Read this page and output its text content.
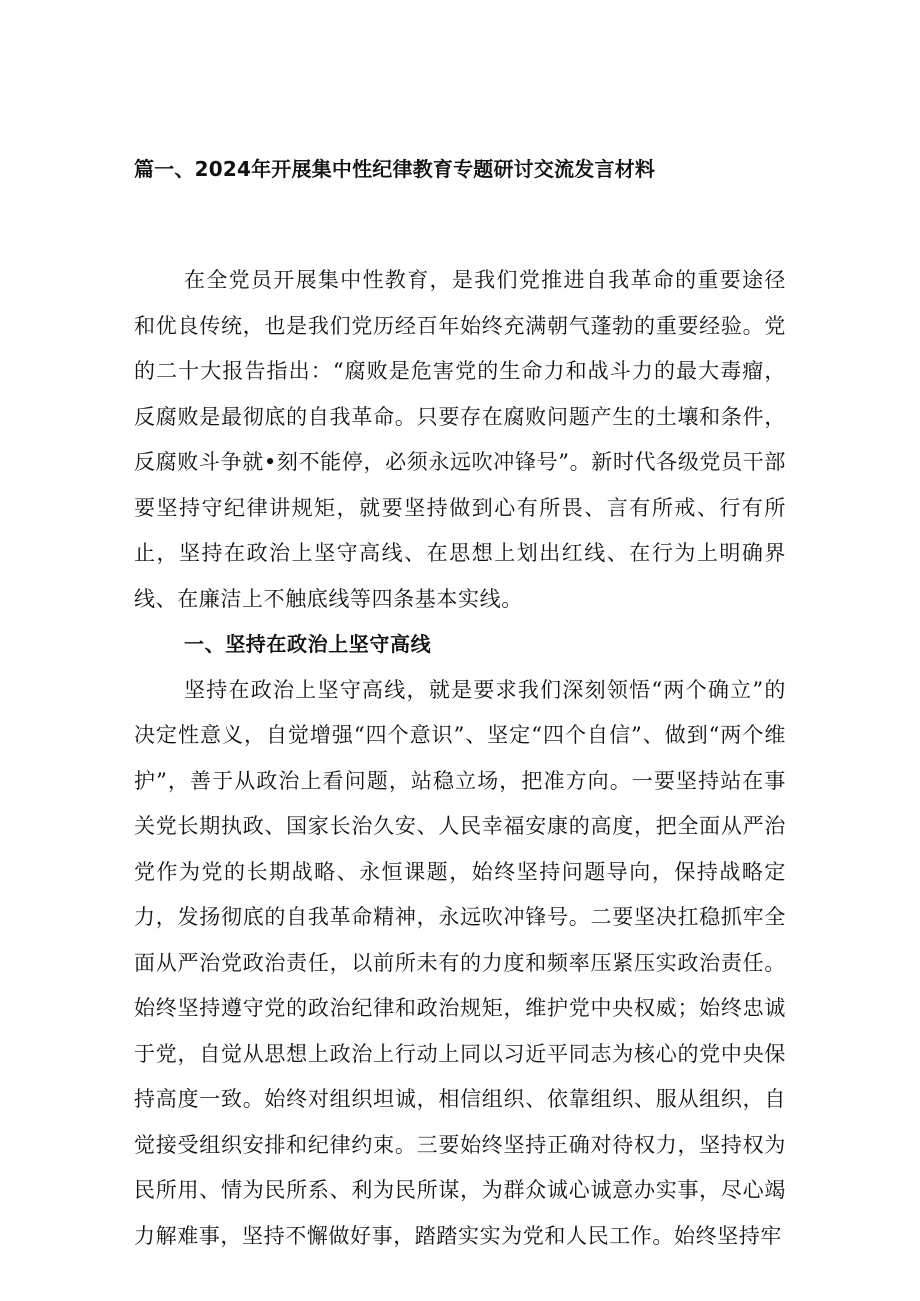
篇一、2024年开展集中性纪律教育专题研讨交流发言材料

在全党员开展集中性教育，是我们党推进自我革命的重要途径和优良传统，也是我们党历经百年始终充满朝气蓬勃的重要经验。党的二十大报告指出：“腐败是危害党的生命力和战斗力的最大毒瘤，反腐败是最彻底的自我革命。只要存在腐败问题产生的土壤和条件，反腐败斗争就•刻不能停，必须永远吹冲锋号”。新时代各级党员干部要坚持守纪律讲规矩，就要坚持做到心有所畏、言有所戒、行有所止，坚持在政治上坚守高线、在思想上划出红线、在行为上明确界线、在廉洁上不触底线等四条基本实线。

一、坚持在政治上坚守高线

坚持在政治上坚守高线，就是要求我们深刻领悟“两个确立”的决定性意义，自觉增强“四个意识”、坚定“四个自信”、做到“两个维护”，善于从政治上看问题，站稳立场，把准方向。一要坚持站在事关党长期执政、国家长治久安、人民幸福安康的高度，把全面从严治党作为党的长期战略、永恒课题，始终坚持问题导向，保持战略定力，发扬彻底的自我革命精神，永远吹冲锋号。二要坚决扛稳抓牢全面从严治党政治责任，以前所未有的力度和频率压紧压实政治责任。始终坚持遵守党的政治纪律和政治规矩，维护党中央权威；始终忠诚于党，自觉从思想上政治上行动上同以习近平同志为核心的党中央保持高度一致。始终对组织坦诚，相信组织、依靠组织、服从组织，自觉接受组织安排和纪律约束。三要始终坚持正确对待权力，坚持权为民所用、情为民所系、利为民所谋，为群众诚心诚意办实事，尽心竭力解难事，坚持不懈做好事，踏踏实实为党和人民工作。始终坚持牢
